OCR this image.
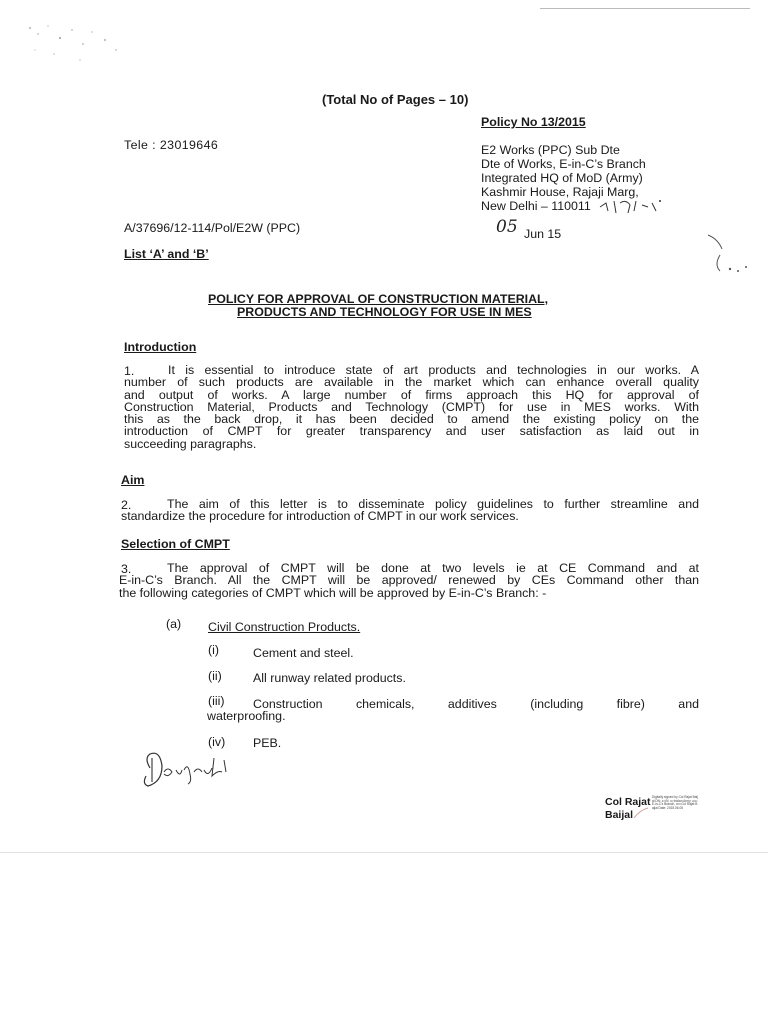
(Total No of Pages – 10)
Policy No 13/2015
Tele : 23019646	E2 Works (PPC) Sub Dte
Dte of Works, E-in-C’s Branch
Integrated HQ of MoD (Army)
Kashmir House, Rajaji Marg,
New Delhi – 110011
A/37696/12-114/Pol/E2W (PPC)	05 Jun 15
List ‘A’ and ‘B’
POLICY FOR APPROVAL OF CONSTRUCTION MATERIAL,
PRODUCTS AND TECHNOLOGY FOR USE IN MES
Introduction
1.	It is essential to introduce state of art products and technologies in our works. A
number of such products are available in the market which can enhance overall quality
and output of works. A large number of firms approach this HQ for approval of
Construction Material, Products and Technology (CMPT) for use in MES works. With
this as the back drop, it has been decided to amend the existing policy on the
introduction of CMPT for greater transparency and user satisfaction as laid out in
succeeding paragraphs.
Aim
2.	The aim of this letter is to disseminate policy guidelines to further streamline and
standardize the procedure for introduction of CMPT in our work services.
Selection of CMPT
3.	The approval of CMPT will be done at two levels ie at CE Command and at
E-in-C’s Branch. All the CMPT will be approved/ renewed by CEs Command other than
the following categories of CMPT which will be approved by E-in-C’s Branch: -
(a) Civil Construction Products.
(i)	Cement and steel.
(ii)	All runway related products.
(iii) Construction chemicals, additives (including fibre) and
waterproofing.
(iv) PEB.
Col Rajat
Baijal
Digitally signed by Col Rajat Baijal DN: c=IN, o=Indian Army, ou=E-in-C's Branch, cn=Col Rajat Baijal Date: 2015.06.05
